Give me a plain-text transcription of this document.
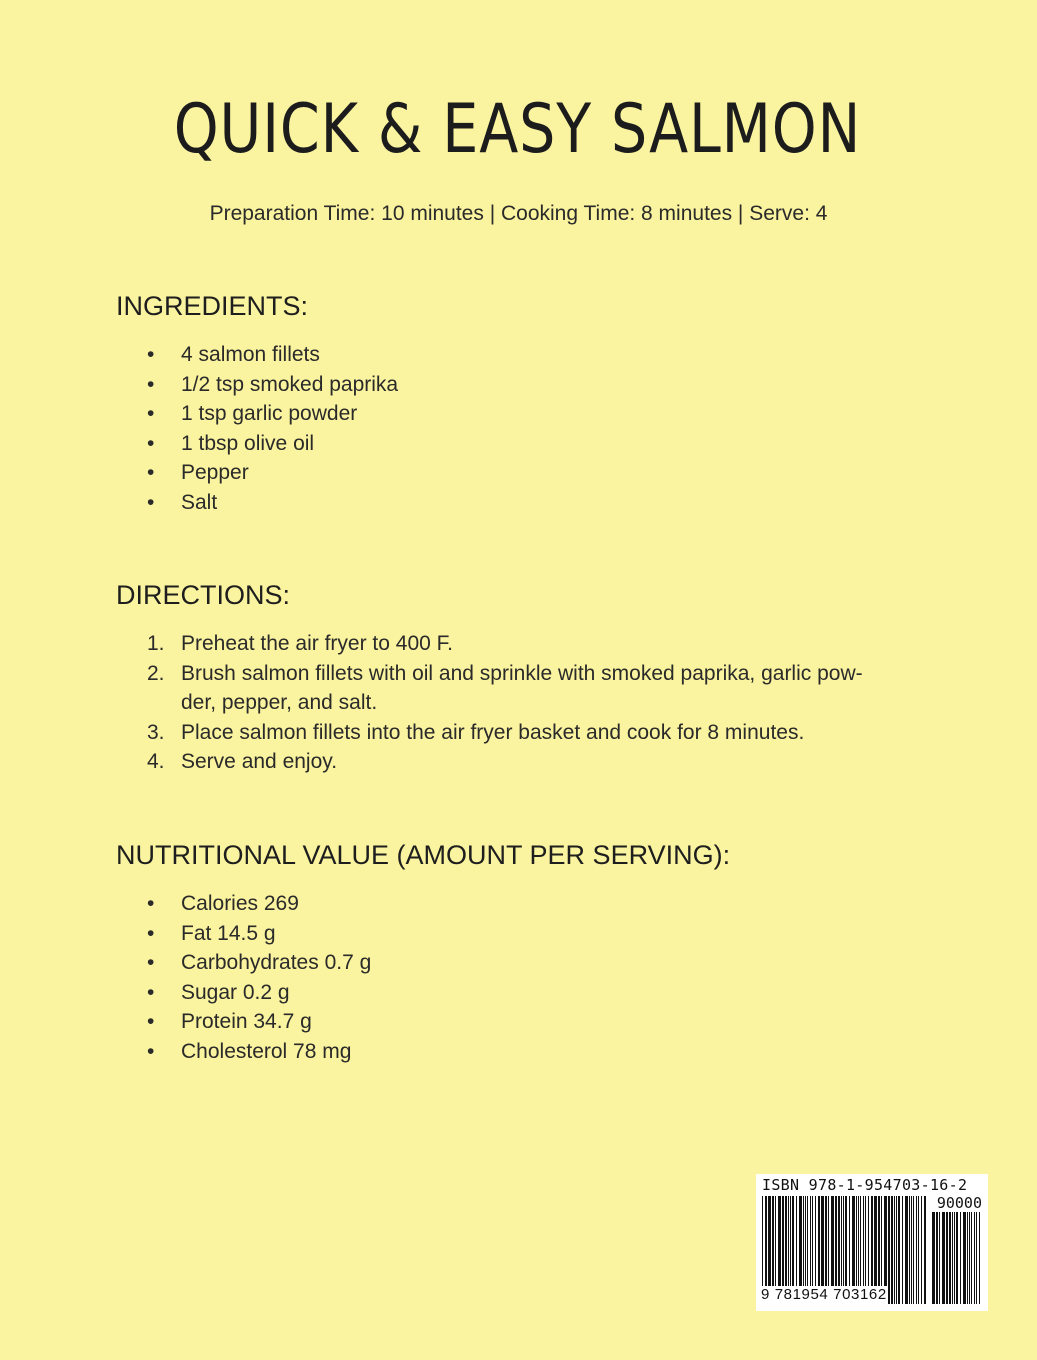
QUICK & EASY SALMON
Preparation Time: 10 minutes | Cooking Time: 8 minutes | Serve: 4
INGREDIENTS:
• 4 salmon fillets
• 1/2 tsp smoked paprika
• 1 tsp garlic powder
• 1 tbsp olive oil
• Pepper
• Salt
DIRECTIONS:
1. Preheat the air fryer to 400 F.
2. Brush salmon fillets with oil and sprinkle with smoked paprika, garlic pow-
der, pepper, and salt.
3. Place salmon fillets into the air fryer basket and cook for 8 minutes.
4. Serve and enjoy.
NUTRITIONAL VALUE (AMOUNT PER SERVING):
• Calories 269
• Fat 14.5 g
• Carbohydrates 0.7 g
• Sugar 0.2 g
• Protein 34.7 g
• Cholesterol 78 mg
ISBN 978-1-954703-16-2
90000
9 781954 703162
